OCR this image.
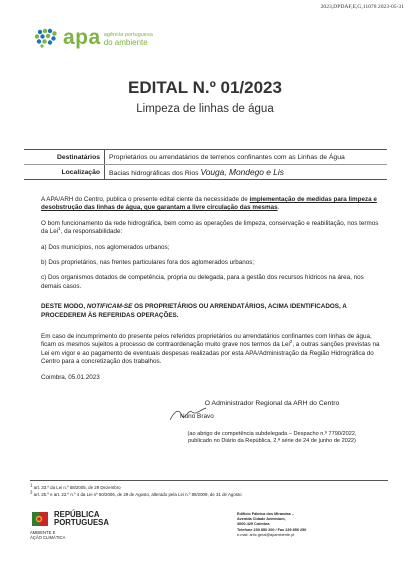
2023,DPDAF,E,G,11078 2023-05-31
apa agência portuguesa
do ambiente
EDITAL N.º 01/2023
Limpeza de linhas de água
Destinatários	Proprietários ou arrendatários de terrenos confinantes com as Linhas de Água
Localização	Bacias hidrográficas dos Rios Vouga, Mondego e Lis

A APA/ARH do Centro, publica o presente edital ciente da necessidade de implementação de medidas para limpeza e desobstrução das linhas de água, que garantam a livre circulação das mesmas.

O bom funcionamento da rede hidrográfica, bem como as operações de limpeza, conservação e reabilitação, nos termos da Lei$^1$, da responsabilidade:

a) Dos municípios, nos aglomerados urbanos;

b) Dos proprietários, nas frentes particulares fora dos aglomerados urbanos;

c) Dos organismos dotados de competência, própria ou delegada, para a gestão dos recursos hídricos na área, nos demais casos.

DESTE MODO, NOTIFICAM-SE OS PROPRIETÁRIOS OU ARRENDATÁRIOS, ACIMA IDENTIFICADOS, A PROCEDEREM ÀS REFERIDAS OPERAÇÕES.

Em caso de incumprimento do presente pelos referidos proprietários ou arrendatários confinantes com linhas de água, ficam os mesmos sujeitos a processo de contraordenação muito grave nos termos da Lei$^2$, a outras sanções previstas na Lei em vigor e ao pagamento de eventuais despesas realizadas por esta APA/Administração da Região Hidrográfica do Centro para a concretização dos trabalhos.

Coimbra, 05.01.2023

O Administrador Regional da ARH do Centro
Nuno Bravo
(ao abrigo de competência subdelegada – Despacho n.º 7790/2022,
publicado no Diário da República, 2.ª série de 24 de junho de 2022)
1 art. 33.º da Lei n.º 58/2005, de 29 Dezembro
2 art. 25.º e art. 22.º n.º 4 da Lei nº 50/2006, de 29 de Agosto, alterado pela Lei n.º 89/2009, de 31 de Agosto
REPÚBLICA
PORTUGUESA
AMBIENTE E
AÇÃO CLIMÁTICA
Edifício Fábrica dos Mirandas –
Avenida Cidade Aeminium,
3000-429 Coimbra
Telefone 239 850 200 / Fax 239 850 250
e-mail: arhc.geral@apambiente.pt
